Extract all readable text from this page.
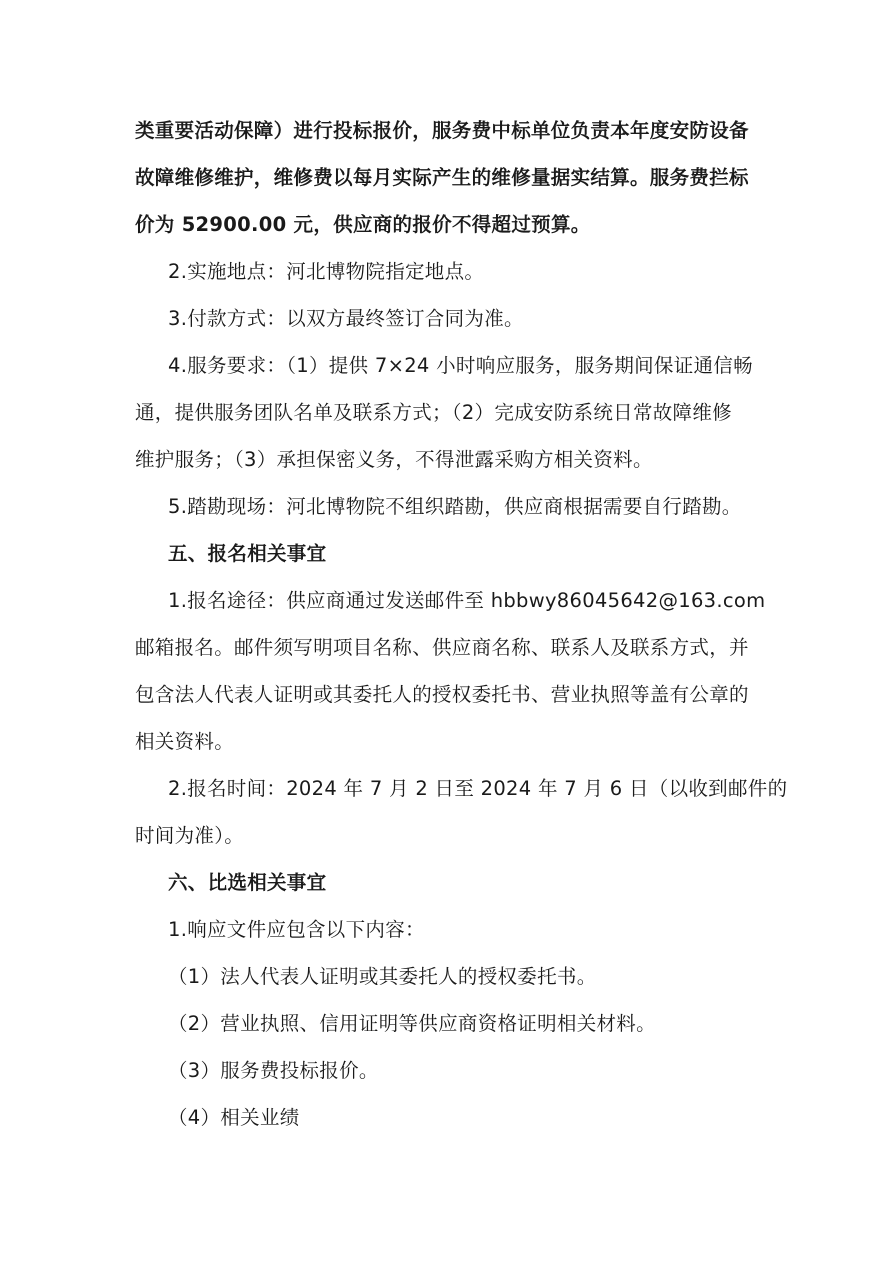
类重要活动保障）进行投标报价，服务费中标单位负责本年度安防设备
故障维修维护，维修费以每月实际产生的维修量据实结算。服务费拦标
价为 52900.00 元，供应商的报价不得超过预算。
2.实施地点：河北博物院指定地点。
3.付款方式：以双方最终签订合同为准。
4.服务要求：（1）提供 7×24 小时响应服务，服务期间保证通信畅
通，提供服务团队名单及联系方式；（2）完成安防系统日常故障维修
维护服务；（3）承担保密义务，不得泄露采购方相关资料。
5.踏勘现场：河北博物院不组织踏勘，供应商根据需要自行踏勘。
五、报名相关事宜
1.报名途径：供应商通过发送邮件至 hbbwy86045642@163.com
邮箱报名。邮件须写明项目名称、供应商名称、联系人及联系方式，并
包含法人代表人证明或其委托人的授权委托书、营业执照等盖有公章的
相关资料。
2.报名时间：2024 年 7 月 2 日至 2024 年 7 月 6 日（以收到邮件的
时间为准）。
六、比选相关事宜
1.响应文件应包含以下内容：
（1）法人代表人证明或其委托人的授权委托书。
（2）营业执照、信用证明等供应商资格证明相关材料。
（3）服务费投标报价。
（4）相关业绩
